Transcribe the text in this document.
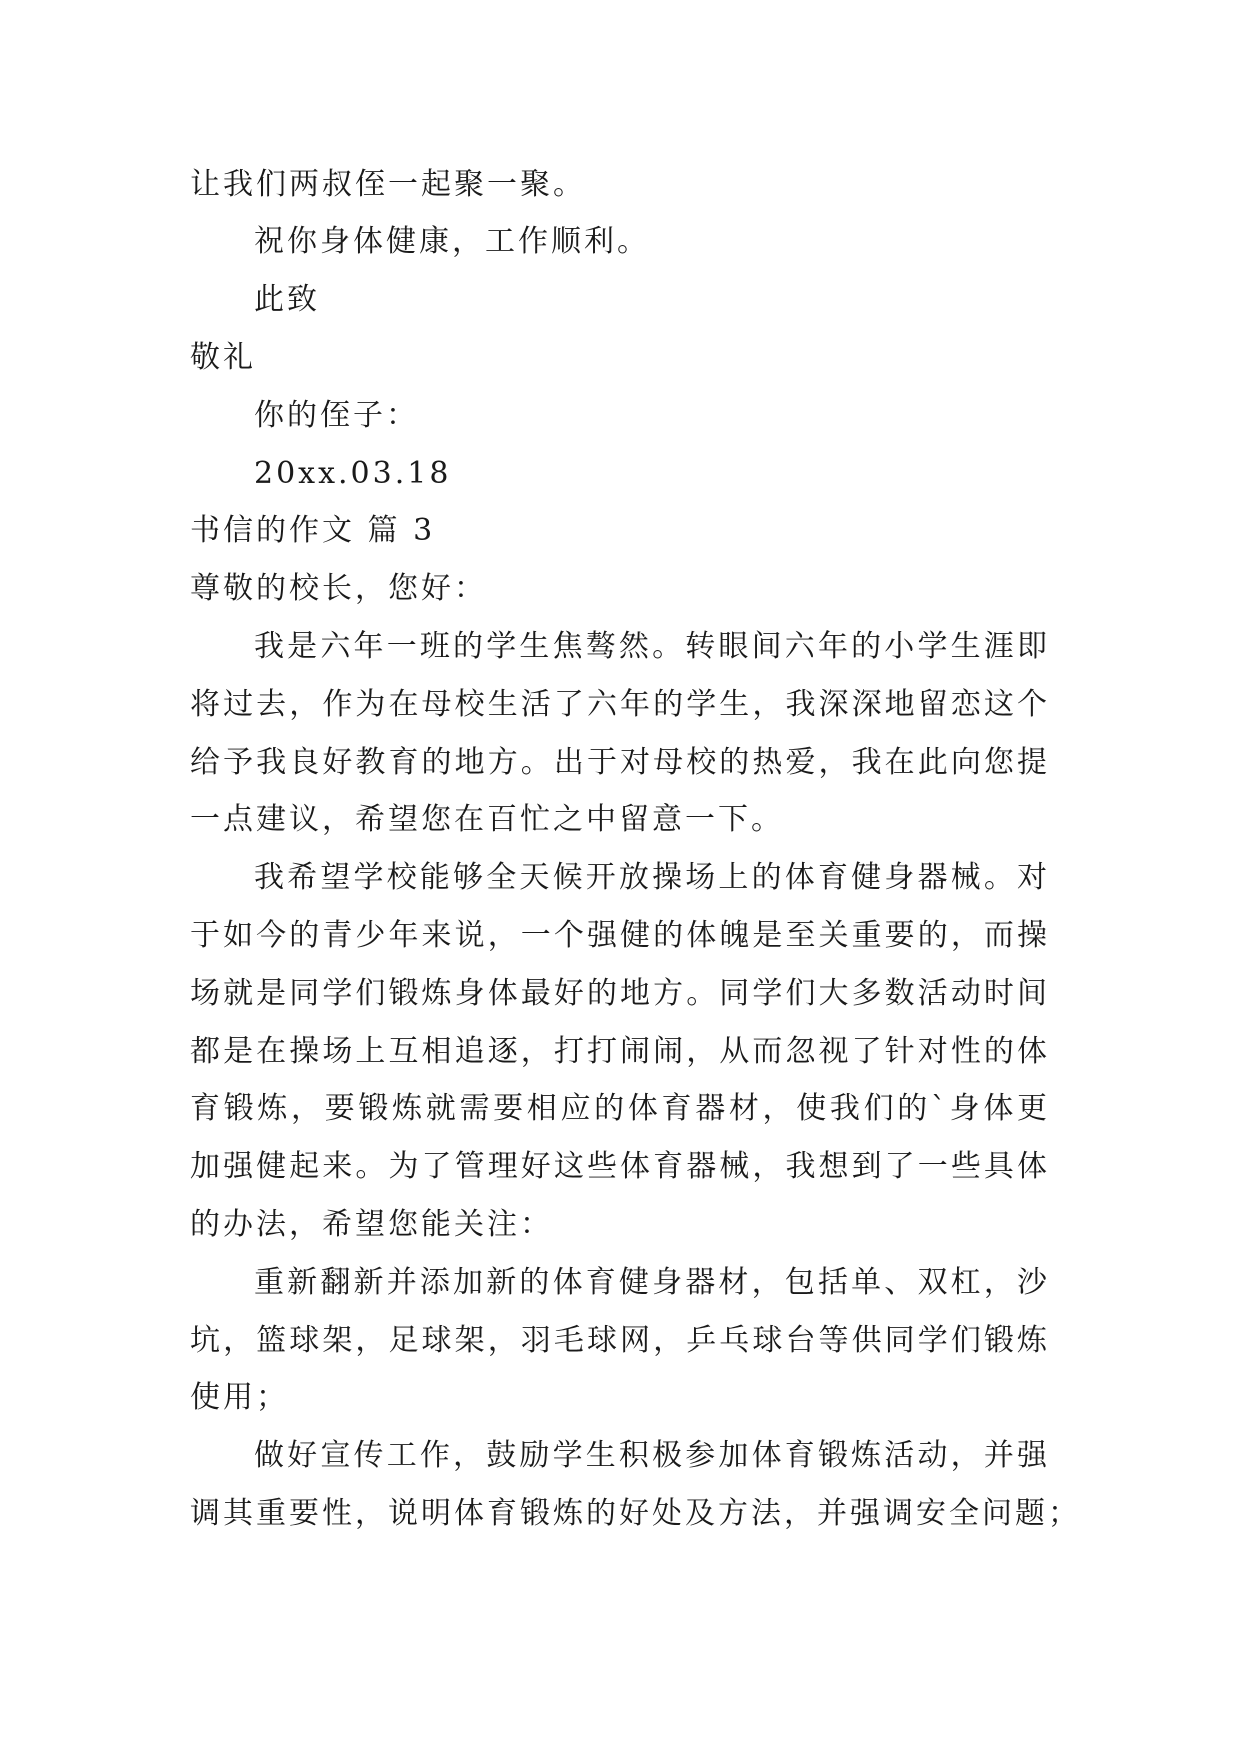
让我们两叔侄一起聚一聚。
祝你身体健康，工作顺利。
此致
敬礼
你的侄子：
20xx.03.18
书信的作文 篇 3
尊敬的校长，您好：
我是六年一班的学生焦骜然。转眼间六年的小学生涯即
将过去，作为在母校生活了六年的学生，我深深地留恋这个
给予我良好教育的地方。出于对母校的热爱，我在此向您提
一点建议，希望您在百忙之中留意一下。
我希望学校能够全天候开放操场上的体育健身器械。对
于如今的青少年来说，一个强健的体魄是至关重要的，而操
场就是同学们锻炼身体最好的地方。同学们大多数活动时间
都是在操场上互相追逐，打打闹闹，从而忽视了针对性的体
育锻炼，要锻炼就需要相应的体育器材，使我们的`身体更
加强健起来。为了管理好这些体育器械，我想到了一些具体
的办法，希望您能关注：
重新翻新并添加新的体育健身器材，包括单、双杠，沙
坑，篮球架，足球架，羽毛球网，乒乓球台等供同学们锻炼
使用；
做好宣传工作，鼓励学生积极参加体育锻炼活动，并强
调其重要性，说明体育锻炼的好处及方法，并强调安全问题；
